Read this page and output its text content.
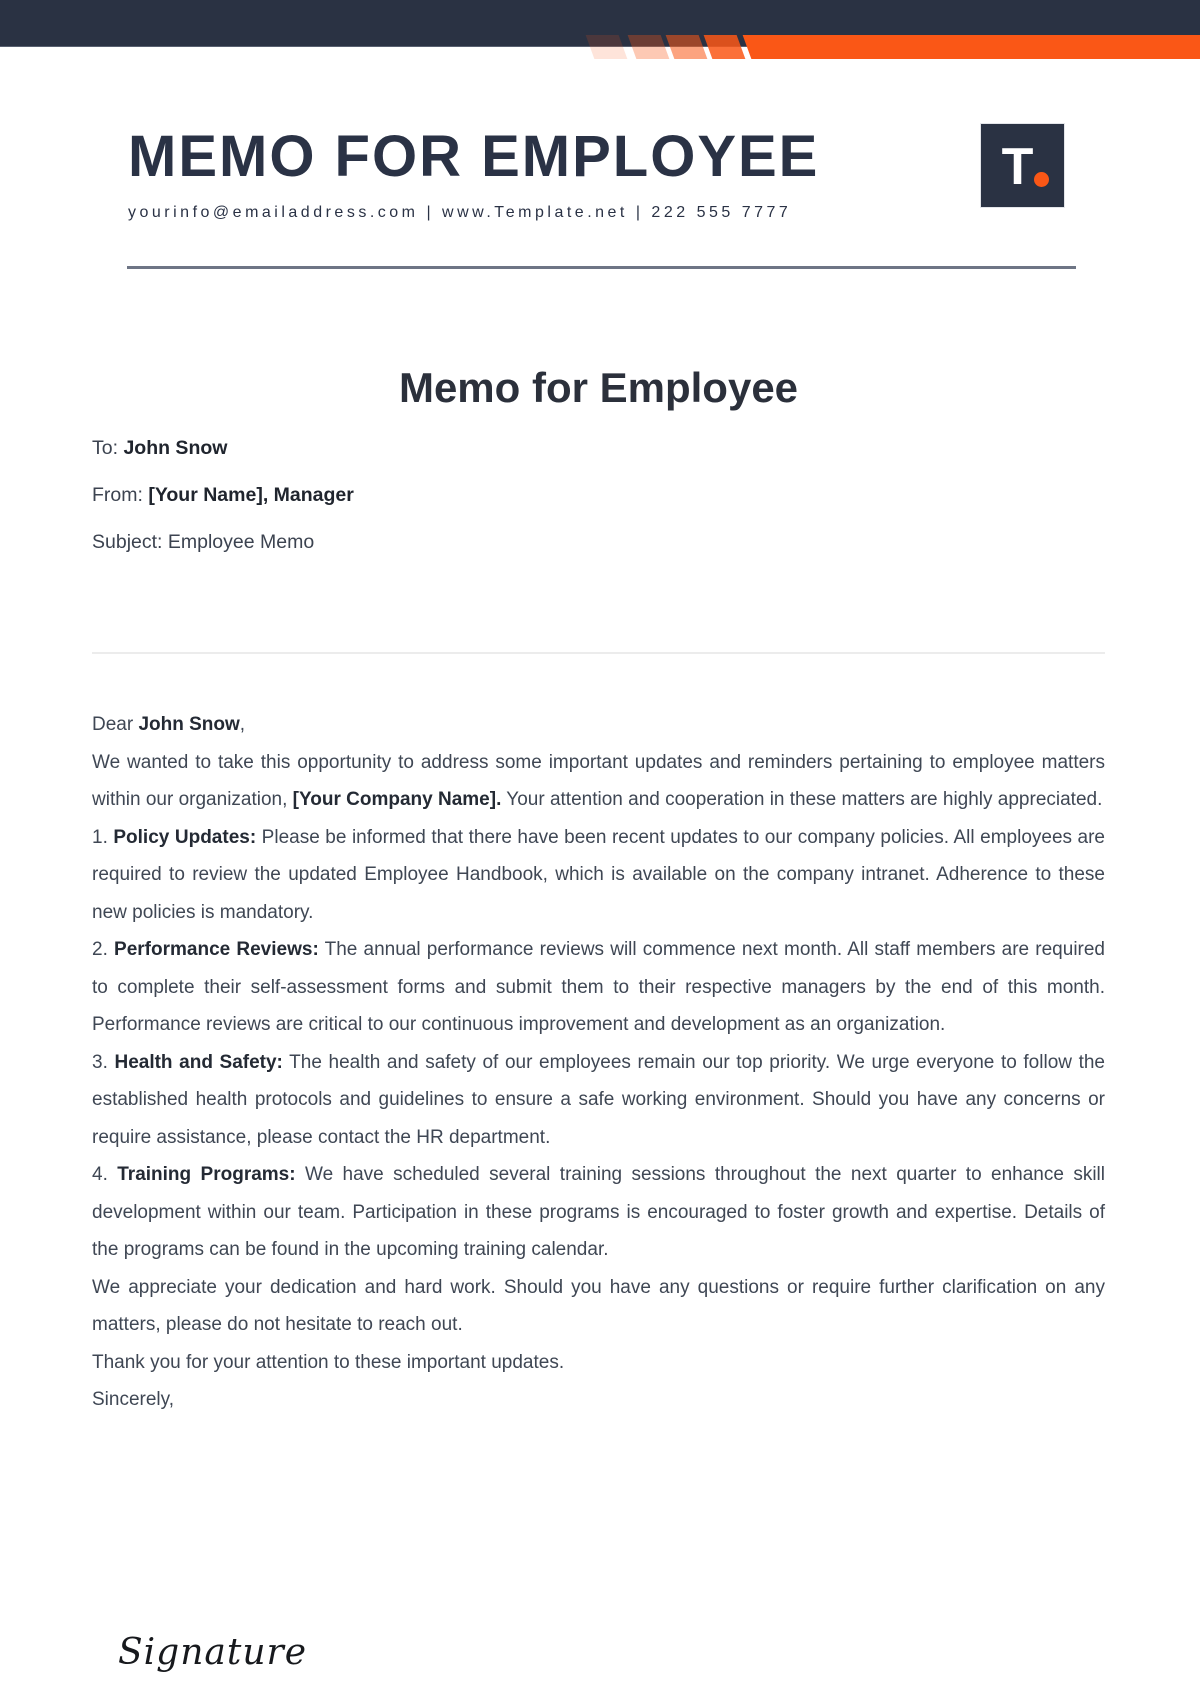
MEMO FOR EMPLOYEE	T
yourinfo@emailaddress.com | www.Template.net | 222 555 7777
Memo for Employee

To: John Snow

From: [Your Name], Manager

Subject: Employee Memo

Dear John Snow,

We wanted to take this opportunity to address some important updates and reminders pertaining to employee matters within our organization, [Your Company Name]. Your attention and cooperation in these matters are highly appreciated.

1. Policy Updates: Please be informed that there have been recent updates to our company policies. All employees are required to review the updated Employee Handbook, which is available on the company intranet. Adherence to these new policies is mandatory.

2. Performance Reviews: The annual performance reviews will commence next month. All staff members are required to complete their self-assessment forms and submit them to their respective managers by the end of this month. Performance reviews are critical to our continuous improvement and development as an organization.

3. Health and Safety: The health and safety of our employees remain our top priority. We urge everyone to follow the established health protocols and guidelines to ensure a safe working environment. Should you have any concerns or require assistance, please contact the HR department.

4. Training Programs: We have scheduled several training sessions throughout the next quarter to enhance skill development within our team. Participation in these programs is encouraged to foster growth and expertise. Details of the programs can be found in the upcoming training calendar.

We appreciate your dedication and hard work. Should you have any questions or require further clarification on any matters, please do not hesitate to reach out.

Thank you for your attention to these important updates.

Sincerely,

Signature
